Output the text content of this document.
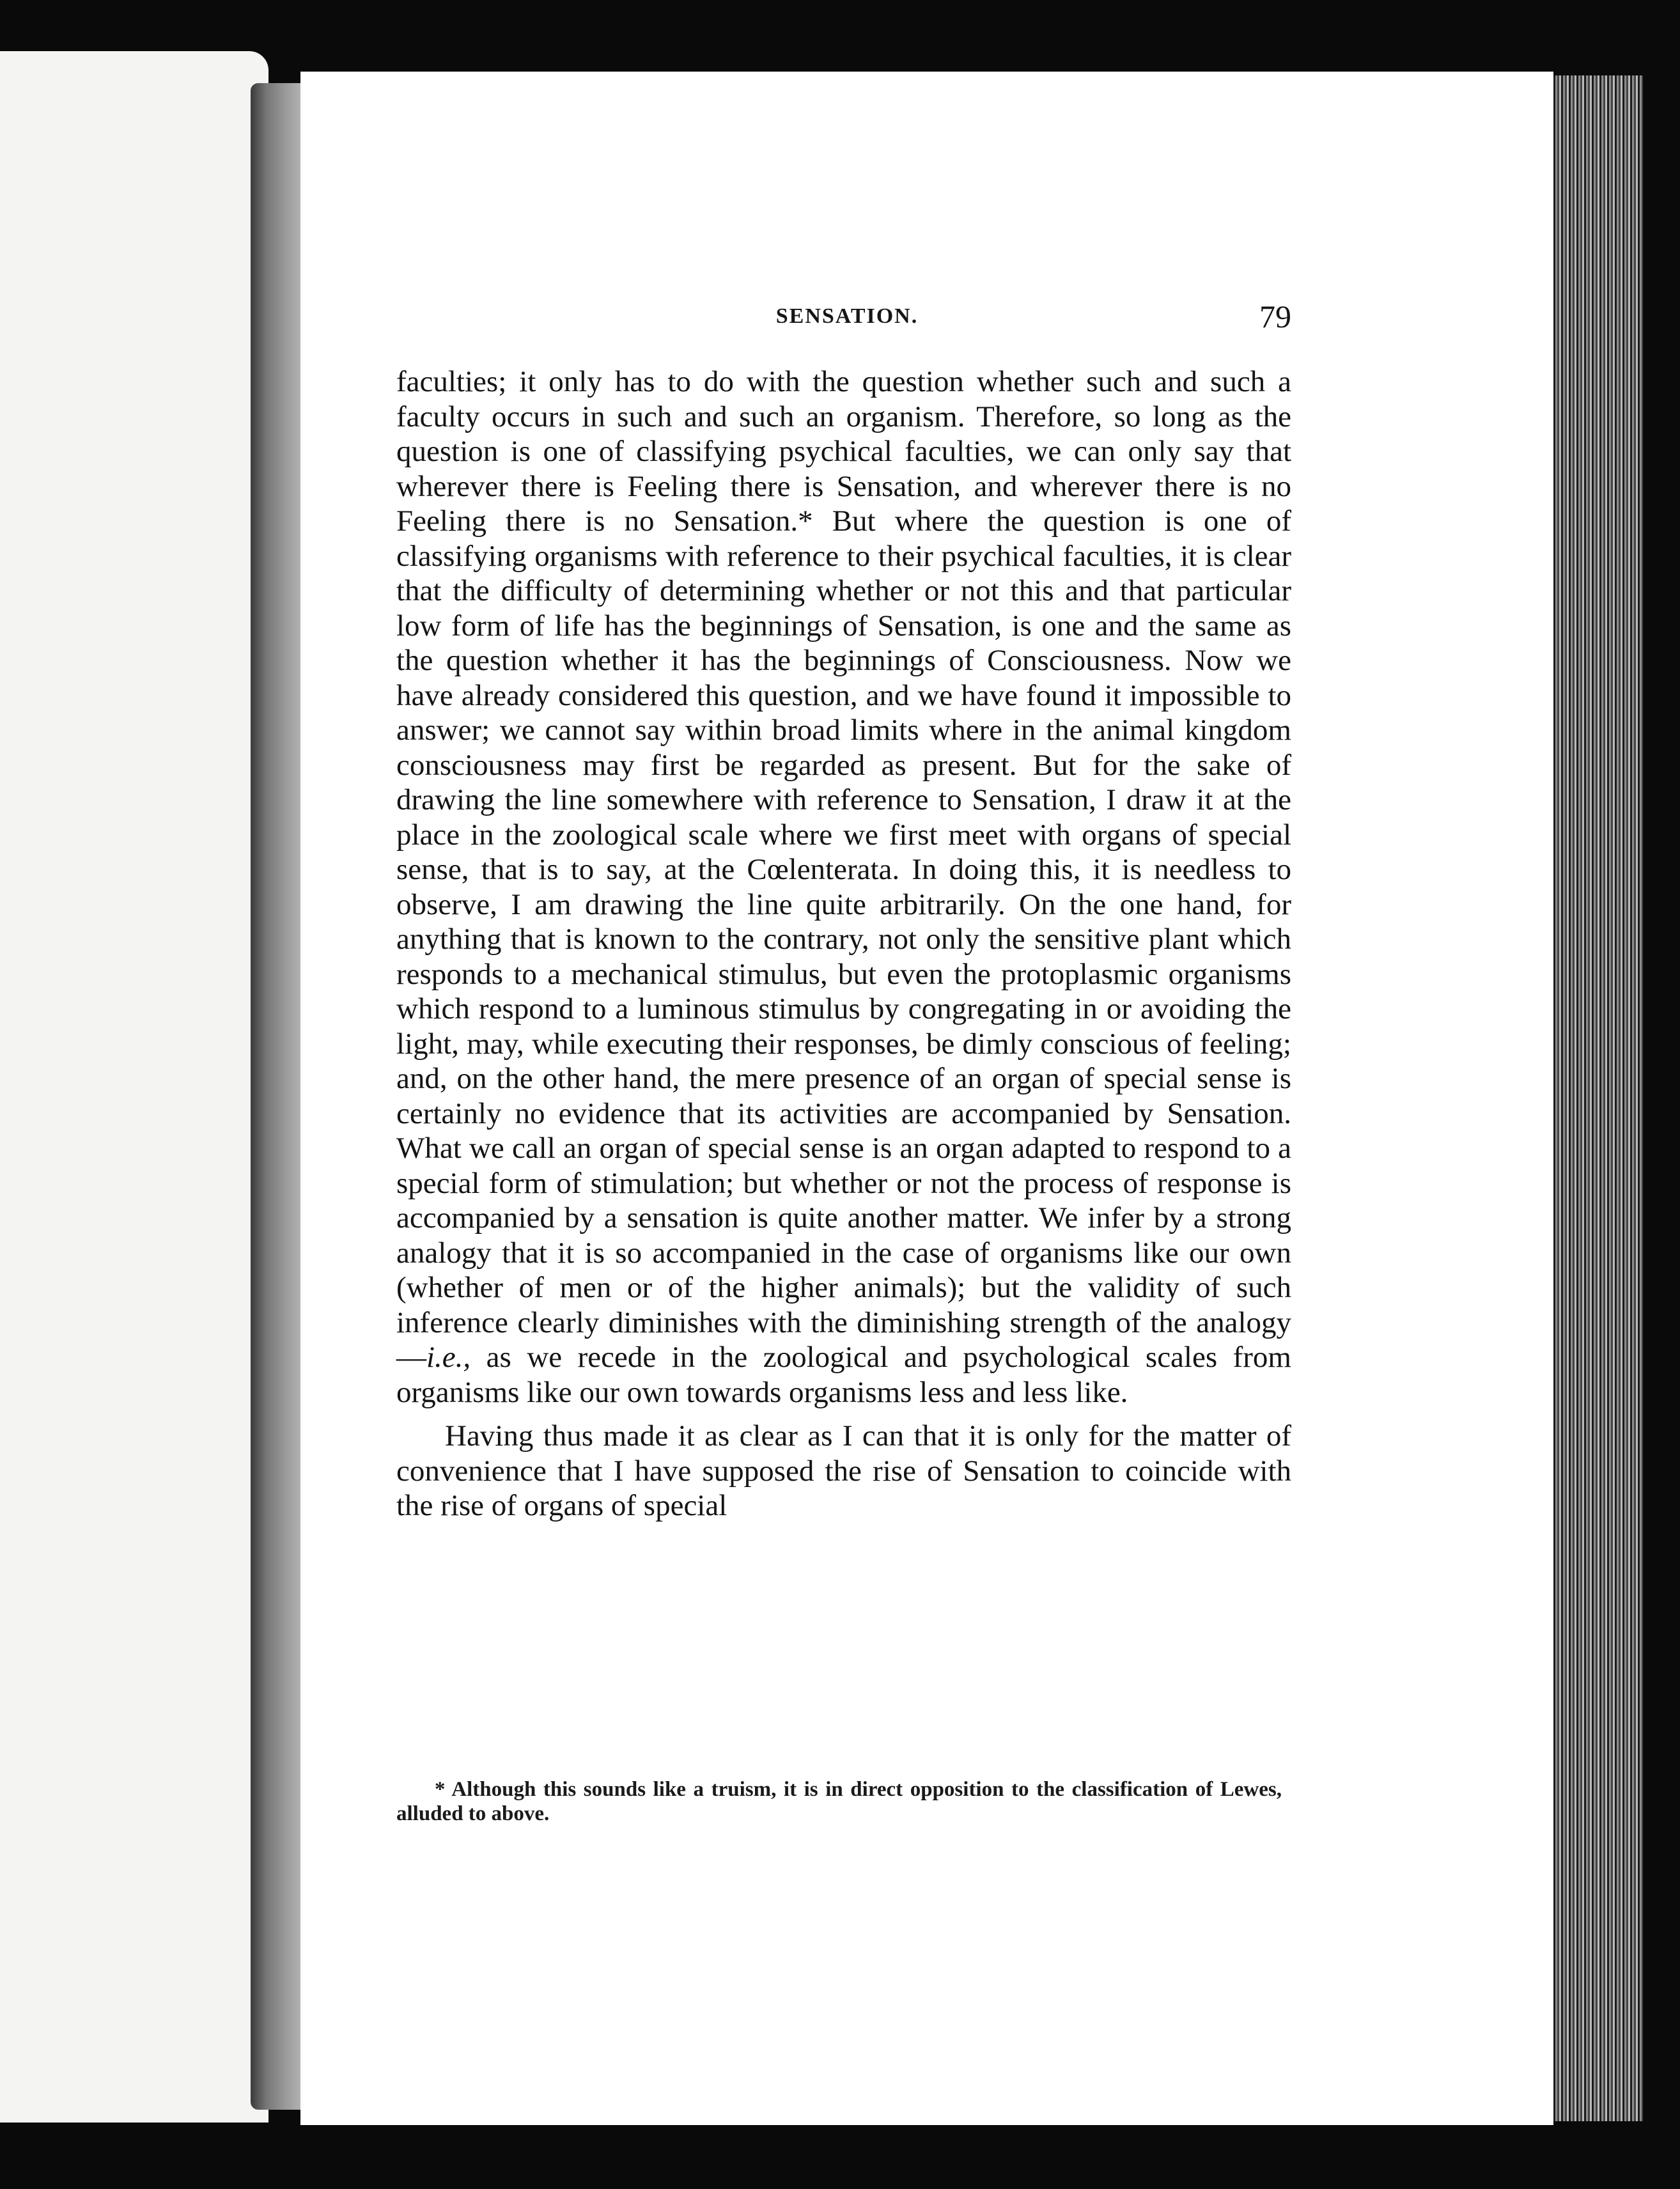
SENSATION.	79

faculties; it only has to do with the question whether such and such a faculty occurs in such and such an organism. Therefore, so long as the question is one of classifying psychical faculties, we can only say that wherever there is Feeling there is Sensation, and wherever there is no Feeling there is no Sensation.* But where the question is one of classifying organisms with reference to their psychical faculties, it is clear that the difficulty of determining whether or not this and that particular low form of life has the beginnings of Sensation, is one and the same as the question whether it has the beginnings of Consciousness. Now we have already considered this question, and we have found it impossible to answer; we cannot say within broad limits where in the animal kingdom consciousness may first be regarded as present. But for the sake of drawing the line somewhere with reference to Sensation, I draw it at the place in the zoological scale where we first meet with organs of special sense, that is to say, at the Cœlenterata. In doing this, it is needless to observe, I am drawing the line quite arbitrarily. On the one hand, for anything that is known to the contrary, not only the sensitive plant which responds to a mechanical stimulus, but even the protoplasmic organisms which respond to a luminous stimulus by congregating in or avoiding the light, may, while executing their responses, be dimly conscious of feeling; and, on the other hand, the mere presence of an organ of special sense is certainly no evidence that its activities are accompanied by Sensation. What we call an organ of special sense is an organ adapted to respond to a special form of stimulation; but whether or not the process of response is accompanied by a sensation is quite another matter. We infer by a strong analogy that it is so accompanied in the case of organisms like our own (whether of men or of the higher animals); but the validity of such inference clearly diminishes with the diminishing strength of the analogy—i.e., as we recede in the zoological and psychological scales from organisms like our own towards organisms less and less like.

Having thus made it as clear as I can that it is only for the matter of convenience that I have supposed the rise of Sensation to coincide with the rise of organs of special

* Although this sounds like a truism, it is in direct opposition to the classification of Lewes, alluded to above.
